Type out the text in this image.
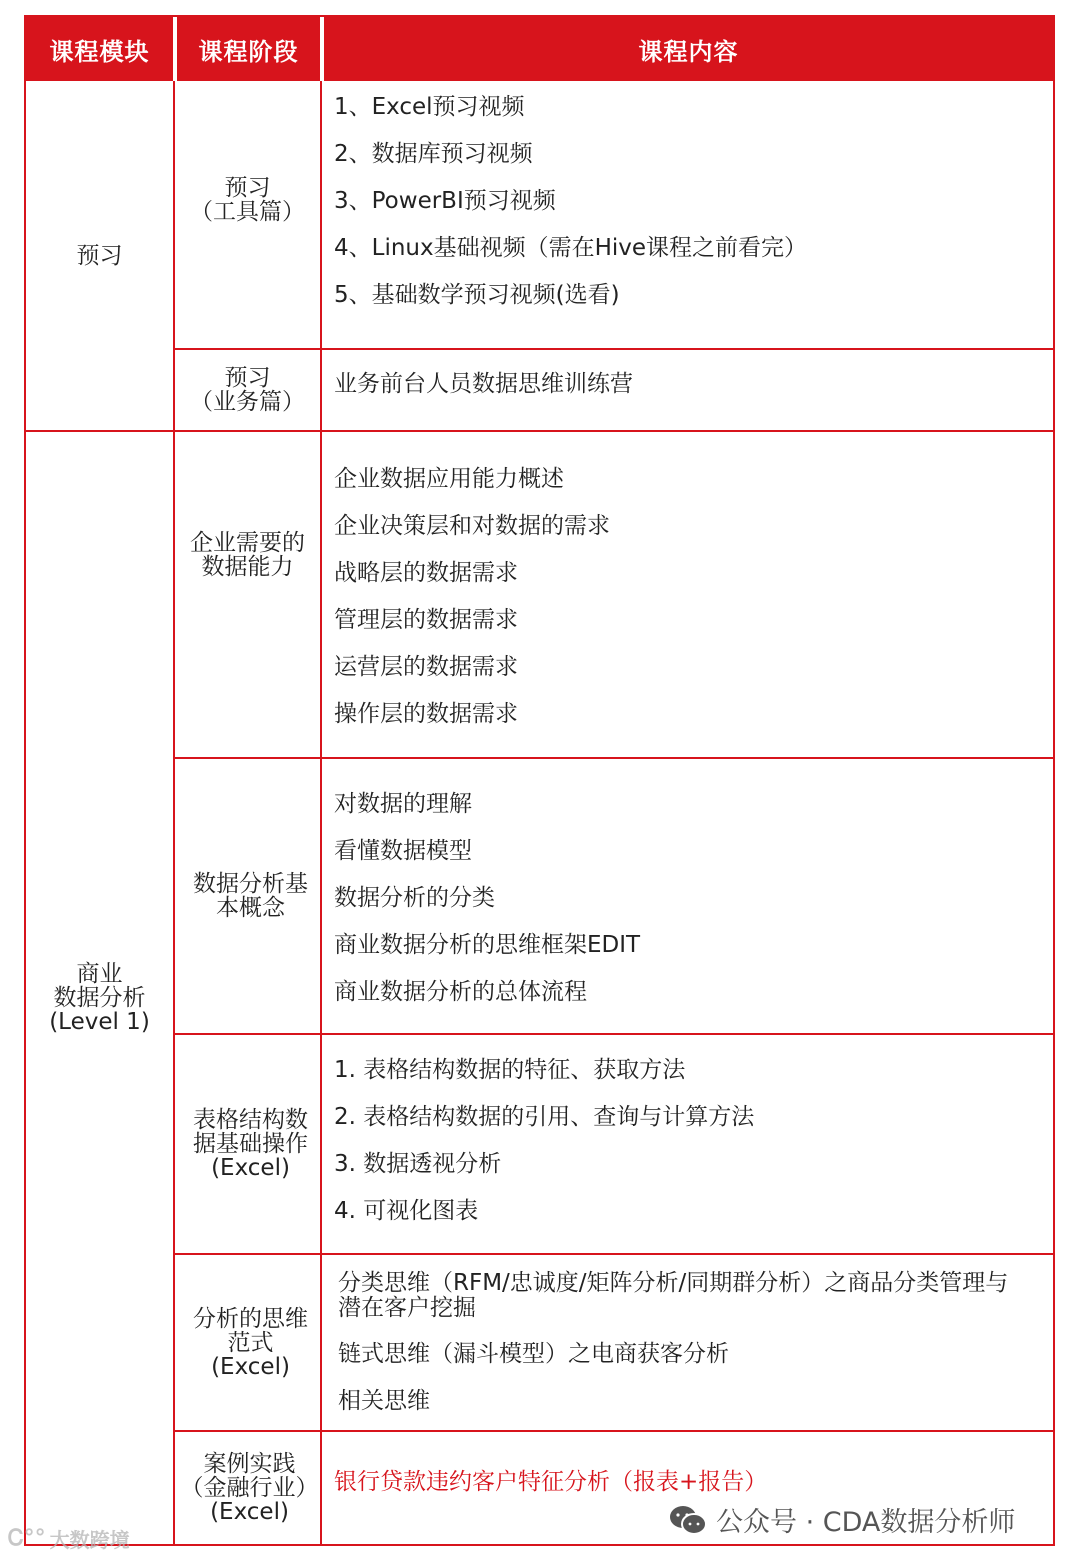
课程模块	课程阶段	课程内容
预习
预习
（工具篇）
1、Excel预习视频
2、数据库预习视频
3、PowerBI预习视频
4、Linux基础视频（需在Hive课程之前看完）
5、基础数学预习视频(选看)
预习
（业务篇）
业务前台人员数据思维训练营
商业
数据分析
(Level 1)
企业需要的
数据能力
企业数据应用能力概述
企业决策层和对数据的需求
战略层的数据需求
管理层的数据需求
运营层的数据需求
操作层的数据需求
数据分析基
本概念
对数据的理解
看懂数据模型
数据分析的分类
商业数据分析的思维框架EDIT
商业数据分析的总体流程
表格结构数
据基础操作
(Excel)
1. 表格结构数据的特征、获取方法
2. 表格结构数据的引用、查询与计算方法
3. 数据透视分析
4. 可视化图表
分析的思维
范式
(Excel)
分类思维（RFM/忠诚度/矩阵分析/同期群分析）之商品分类管理与潜在客户挖掘
链式思维（漏斗模型）之电商获客分析
相关思维
案例实践
（金融行业）
(Excel)
银行贷款违约客户特征分析（报表+报告）
Ꮯ°° 大数跨境
公众号 · CDA数据分析师
